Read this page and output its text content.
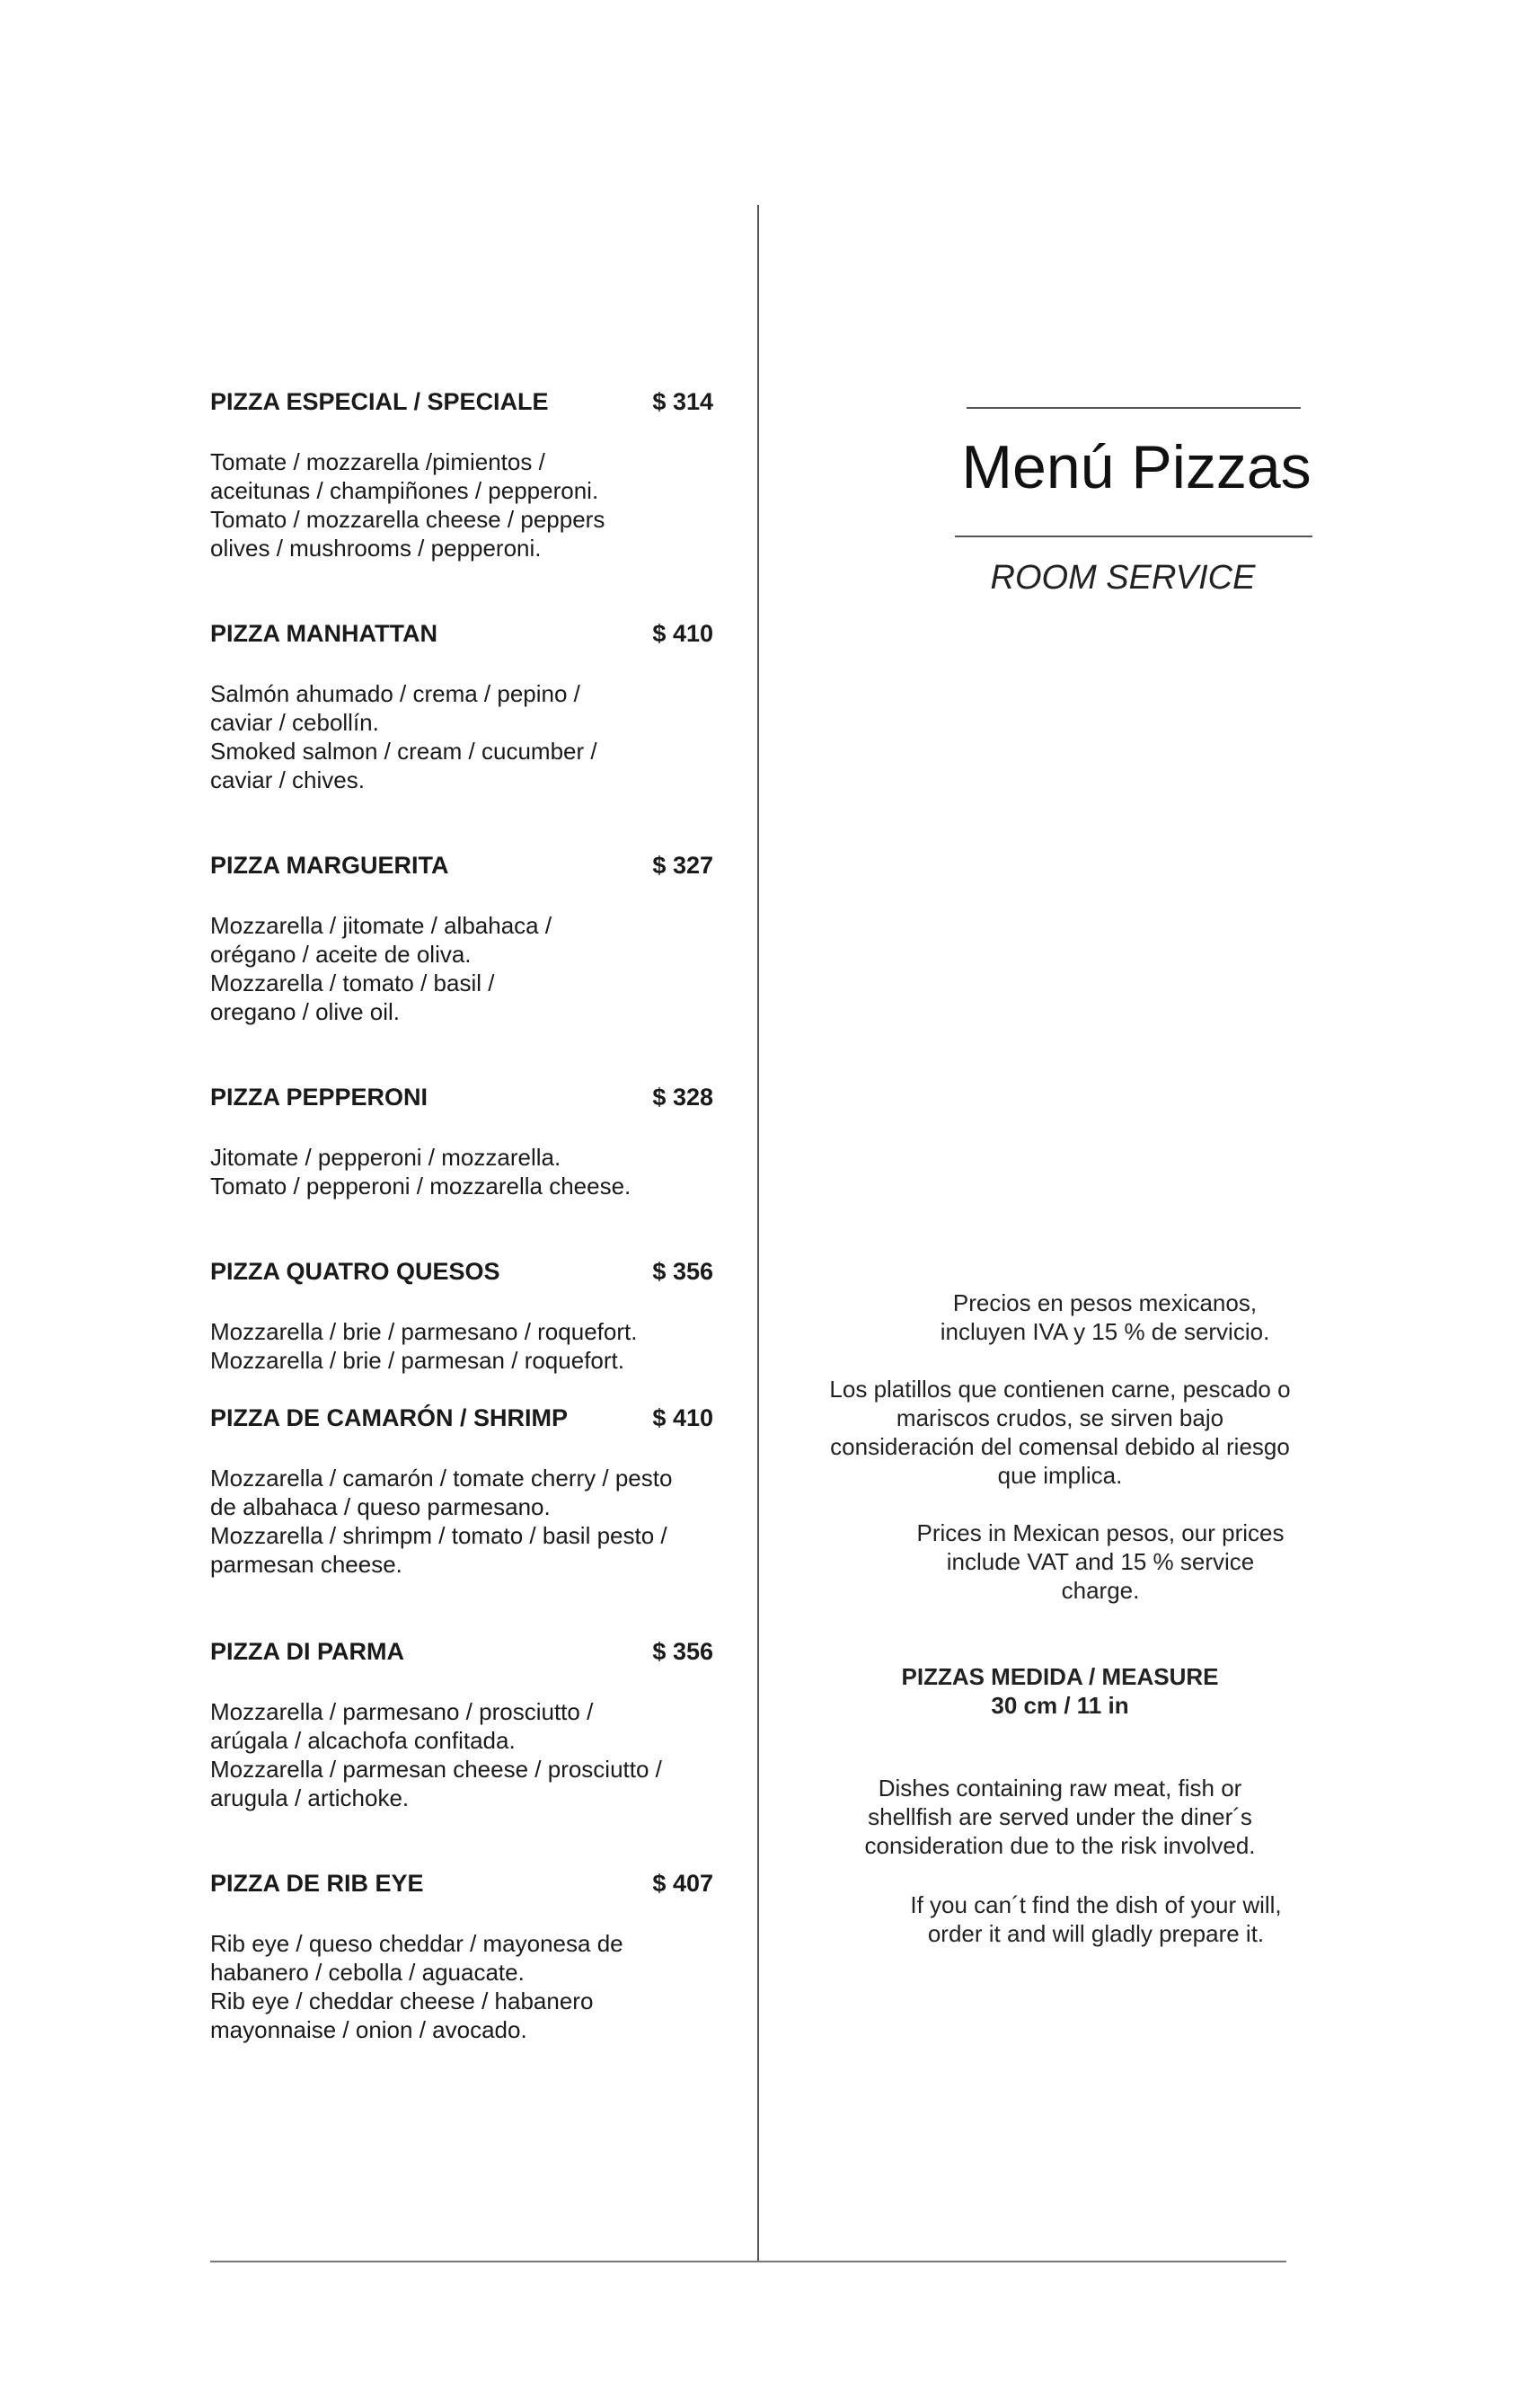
PIZZA ESPECIAL / SPECIALE	$ 314
Tomate / mozzarella /pimientos /
aceitunas / champiñones / pepperoni.
Tomato / mozzarella cheese / peppers
olives / mushrooms / pepperoni.
PIZZA MANHATTAN	$ 410
Salmón ahumado / crema / pepino /
caviar / cebollín.
Smoked salmon / cream / cucumber /
caviar / chives.
PIZZA MARGUERITA	$ 327
Mozzarella / jitomate / albahaca /
orégano / aceite de oliva.
Mozzarella / tomato / basil /
oregano / olive oil.
PIZZA PEPPERONI	$ 328
Jitomate / pepperoni / mozzarella.
Tomato / pepperoni / mozzarella cheese.
PIZZA QUATRO QUESOS	$ 356
Mozzarella / brie / parmesano / roquefort.
Mozzarella / brie / parmesan / roquefort.
PIZZA DE CAMARÓN / SHRIMP	$ 410
Mozzarella / camarón / tomate cherry / pesto
de albahaca / queso parmesano.
Mozzarella / shrimpm / tomato / basil pesto /
parmesan cheese.
PIZZA DI PARMA	$ 356
Mozzarella / parmesano / prosciutto /
arúgala / alcachofa confitada.
Mozzarella / parmesan cheese / prosciutto /
arugula / artichoke.
PIZZA DE RIB EYE	$ 407
Rib eye / queso cheddar / mayonesa de
habanero / cebolla / aguacate.
Rib eye / cheddar cheese / habanero
mayonnaise / onion / avocado.
Menú Pizzas
ROOM SERVICE
Precios en pesos mexicanos,
incluyen IVA y 15 % de servicio.
Los platillos que contienen carne, pescado o
mariscos crudos, se sirven bajo
consideración del comensal debido al riesgo
que implica.
Prices in Mexican pesos, our prices
include VAT and 15 % service
charge.
PIZZAS MEDIDA / MEASURE
30 cm / 11 in
Dishes containing raw meat, fish or
shellfish are served under the diner´s
consideration due to the risk involved.
If you can´t find the dish of your will,
order it and will gladly prepare it.
